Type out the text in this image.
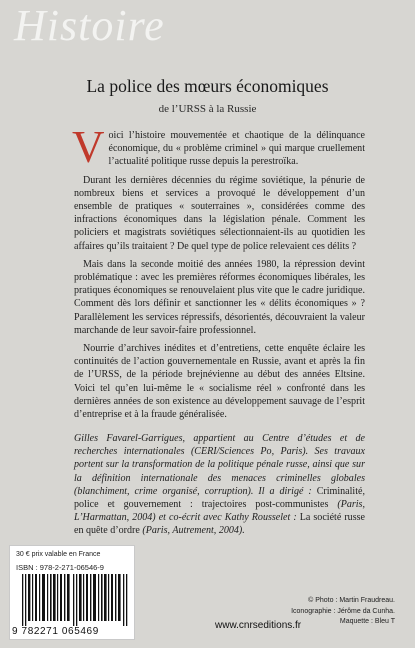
Histoire
La police des mœurs économiques
de l’URSS à la Russie

Voici l’histoire mouvementée et chaotique de la délinquance économique, du « problème criminel » qui marque cruellement l’actualité politique russe depuis la perestroïka.

Durant les dernières décennies du régime soviétique, la pénurie de nombreux biens et services a provoqué le développement d’un ensemble de pratiques « souterraines », considérées comme des infractions économiques dans la législation pénale. Comment les policiers et magistrats soviétiques sélectionnaient-ils au quotidien les affaires qu’ils traitaient ? De quel type de police relevaient ces délits ?

Mais dans la seconde moitié des années 1980, la répression devint problématique : avec les premières réformes économiques libérales, les pratiques économiques se renouvelaient plus vite que le cadre juridique. Comment dès lors définir et sanctionner les « délits économiques » ? Parallèlement les services répressifs, désorientés, découvraient la valeur marchande de leur savoir-faire professionnel.

Nourrie d’archives inédites et d’entretiens, cette enquête éclaire les continuités de l’action gouvernementale en Russie, avant et après la fin de l’URSS, de la période brejnévienne au début des années Eltsine. Voici tel qu’en lui-même le « socialisme réel » confronté dans les dernières années de son existence au développement sauvage de l’esprit d’entreprise et à la fraude généralisée.

Gilles Favarel-Garrigues, appartient au Centre d’études et de recherches internationales (CERI/Sciences Po, Paris). Ses travaux portent sur la transformation de la politique pénale russe, ainsi que sur la définition internationale des menaces criminelles globales (blanchiment, crime organisé, corruption). Il a dirigé : Criminalité, police et gouvernement : trajectoires post-communistes (Paris, L’Harmattan, 2004) et co-écrit avec Kathy Rousselet : La société russe en quête d’ordre (Paris, Autrement, 2004).
30 € prix valable en France
ISBN : 978-2-271-06546-9
9 782271 065469
© Photo : Martin Fraudreau.
Iconographie : Jérôme da Cunha.
Maquette : Bleu T
www.cnrseditions.fr
